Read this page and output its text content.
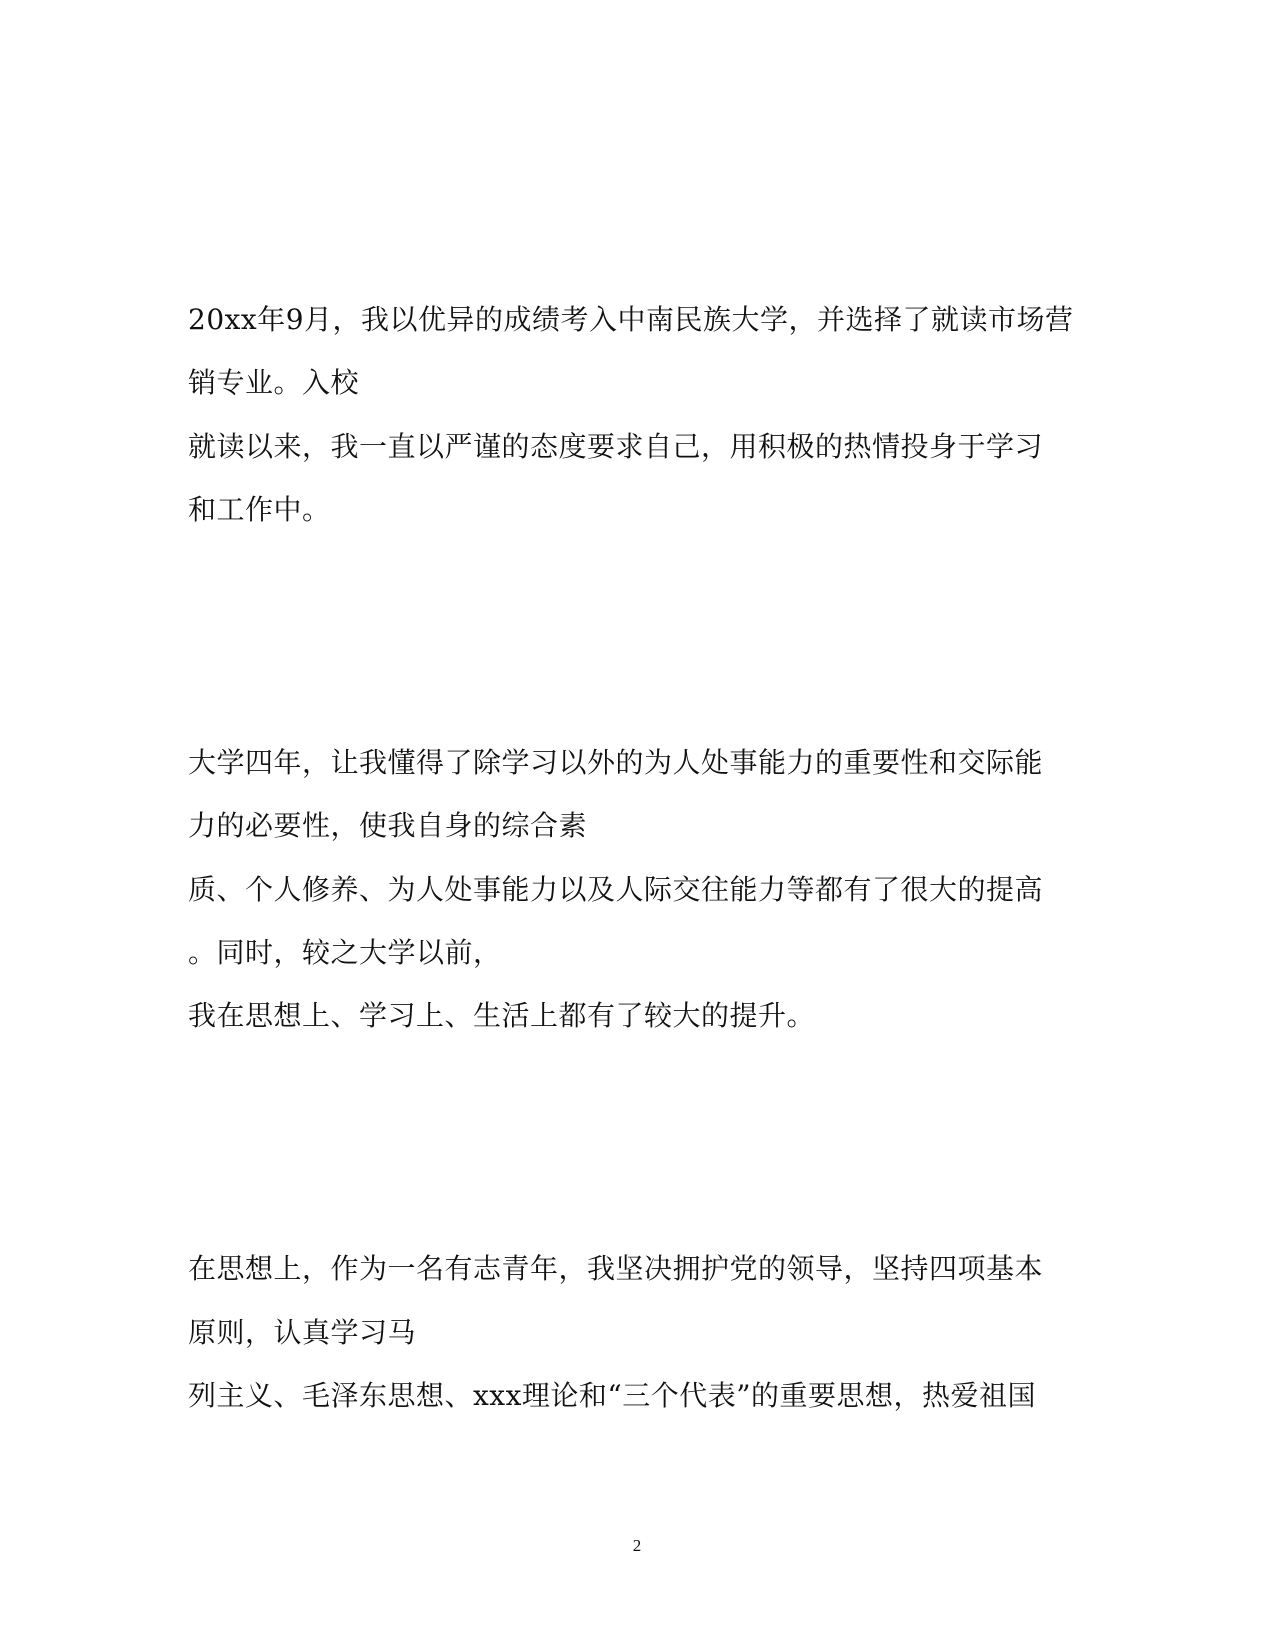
20xx年9月，我以优异的成绩考入中南民族大学，并选择了就读市场营
销专业。入校
就读以来，我一直以严谨的态度要求自己，用积极的热情投身于学习
和工作中。
大学四年，让我懂得了除学习以外的为人处事能力的重要性和交际能
力的必要性，使我自身的综合素
质、个人修养、为人处事能力以及人际交往能力等都有了很大的提高
。同时，较之大学以前，
我在思想上、学习上、生活上都有了较大的提升。
在思想上，作为一名有志青年，我坚决拥护党的领导，坚持四项基本
原则，认真学习马
列主义、毛泽东思想、xxx理论和“三个代表”的重要思想，热爱祖国
2
